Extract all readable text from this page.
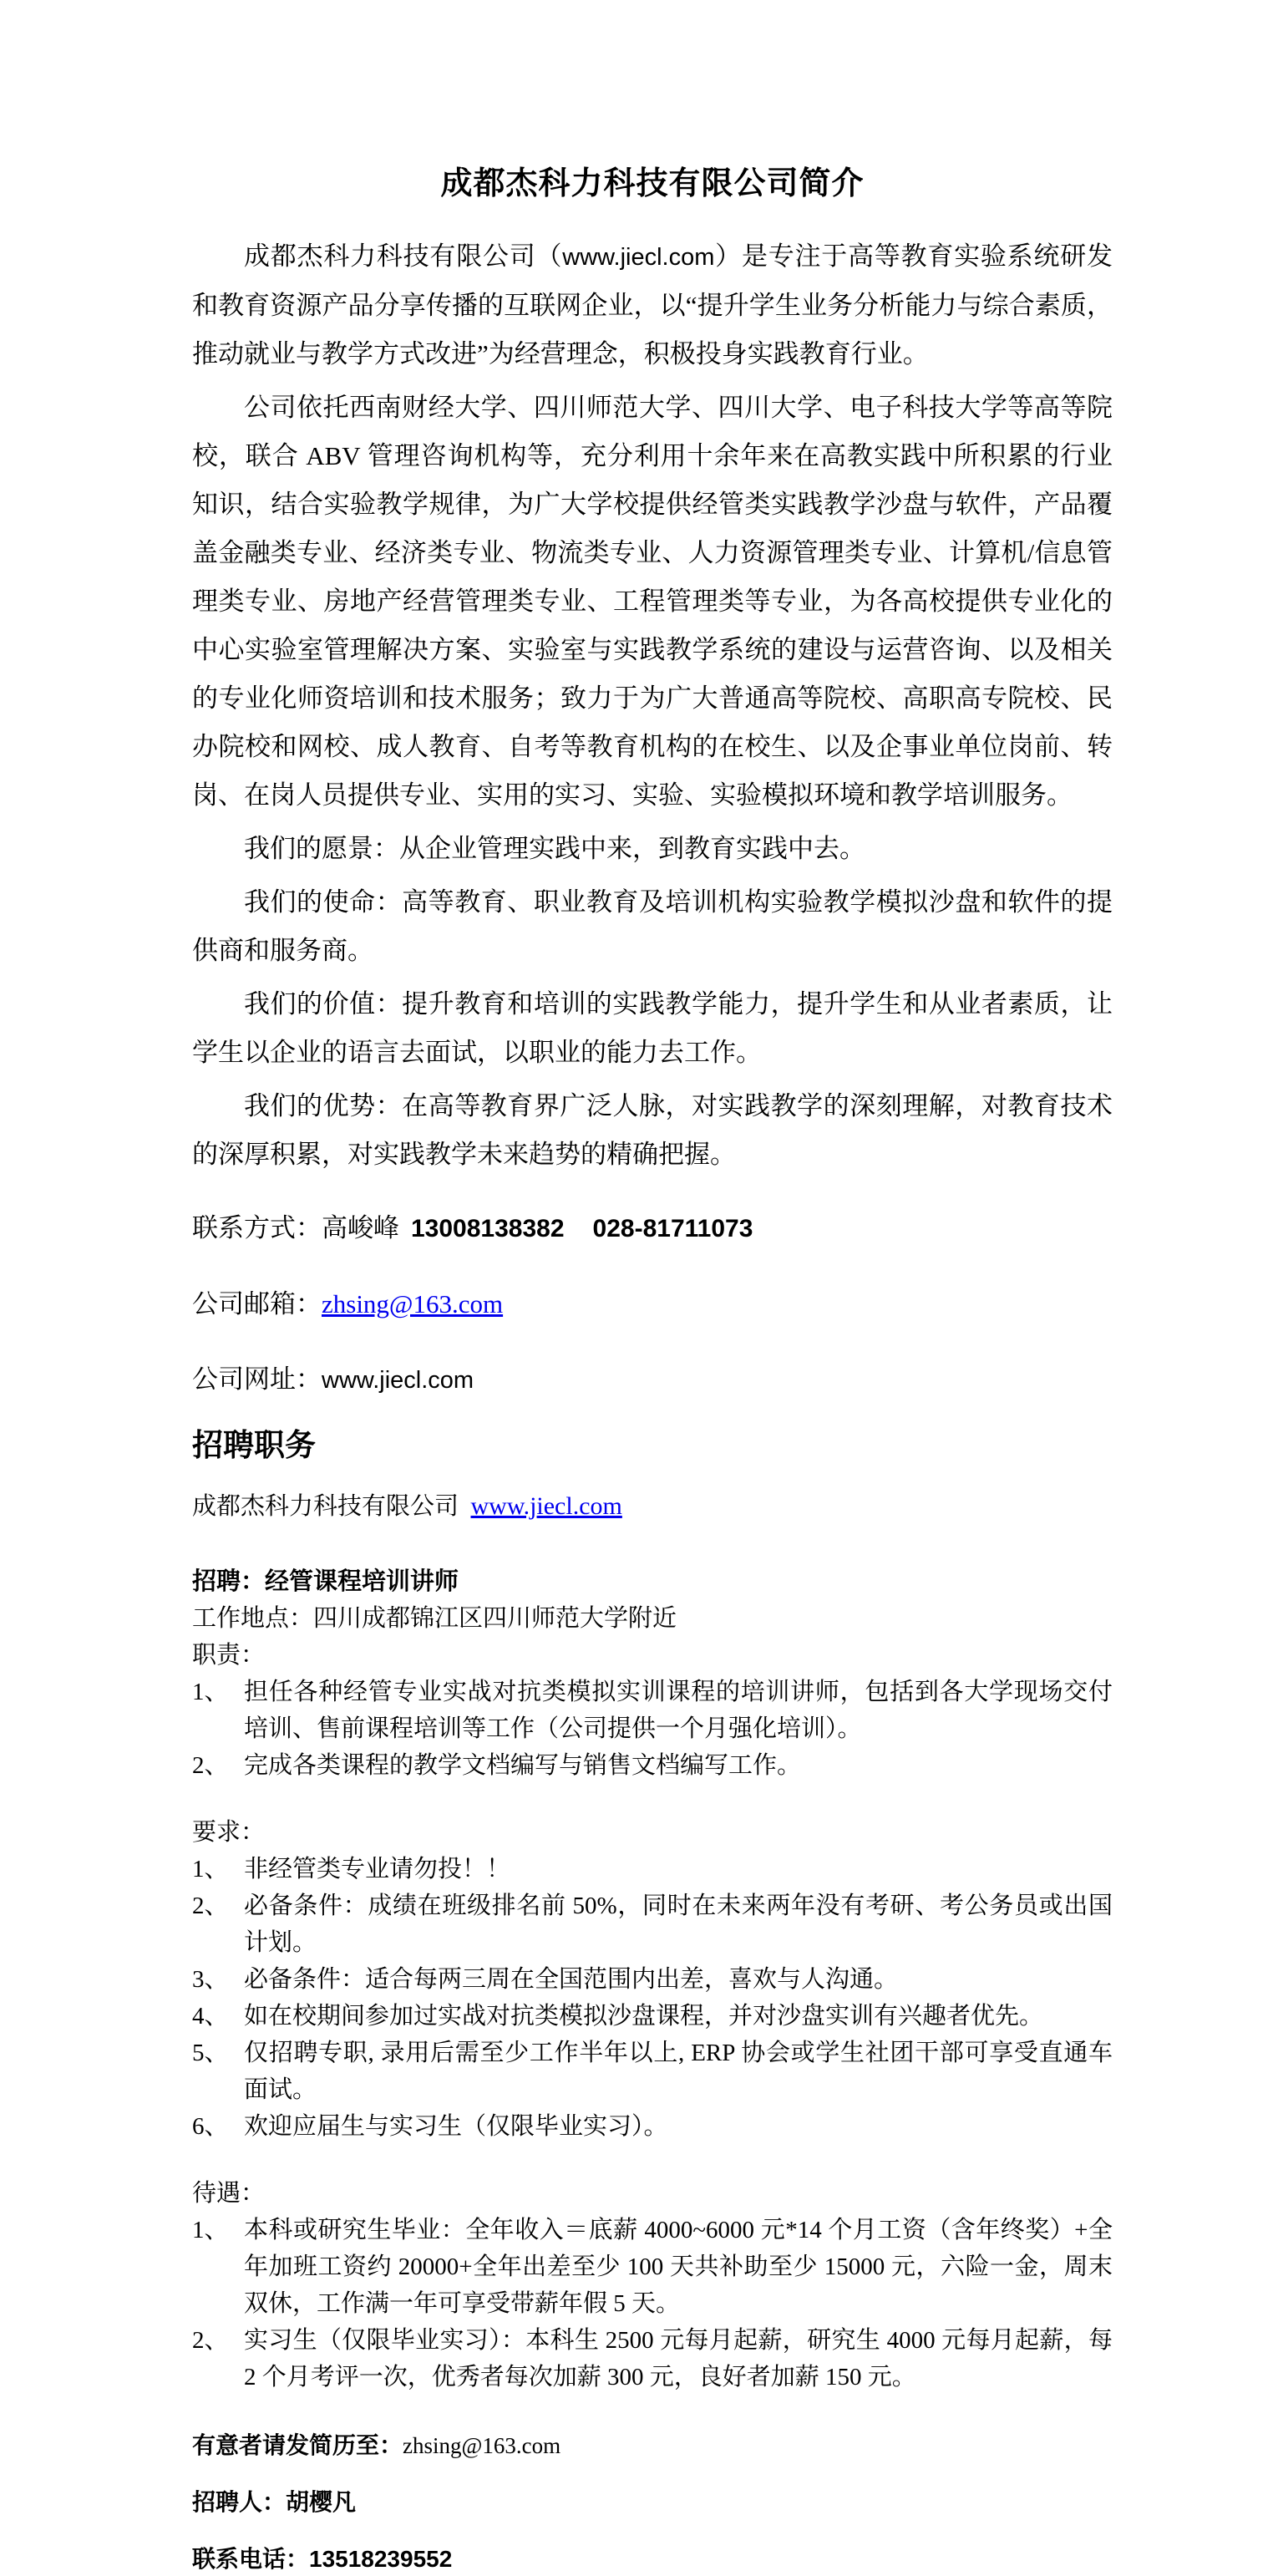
成都杰科力科技有限公司简介

成都杰科力科技有限公司（www.jiecl.com）是专注于高等教育实验系统研发和教育资源产品分享传播的互联网企业，以“提升学生业务分析能力与综合素质，推动就业与教学方式改进”为经营理念，积极投身实践教育行业。

公司依托西南财经大学、四川师范大学、四川大学、电子科技大学等高等院校，联合 ABV 管理咨询机构等，充分利用十余年来在高教实践中所积累的行业知识，结合实验教学规律，为广大学校提供经管类实践教学沙盘与软件，产品覆盖金融类专业、经济类专业、物流类专业、人力资源管理类专业、计算机/信息管理类专业、房地产经营管理类专业、工程管理类等专业，为各高校提供专业化的中心实验室管理解决方案、实验室与实践教学系统的建设与运营咨询、以及相关的专业化师资培训和技术服务；致力于为广大普通高等院校、高职高专院校、民办院校和网校、成人教育、自考等教育机构的在校生、以及企事业单位岗前、转岗、在岗人员提供专业、实用的实习、实验、实验模拟环境和教学培训服务。

我们的愿景：从企业管理实践中来，到教育实践中去。

我们的使命：高等教育、职业教育及培训机构实验教学模拟沙盘和软件的提供商和服务商。

我们的价值：提升教育和培训的实践教学能力，提升学生和从业者素质，让学生以企业的语言去面试，以职业的能力去工作。

我们的优势：在高等教育界广泛人脉，对实践教学的深刻理解，对教育技术的深厚积累，对实践教学未来趋势的精确把握。

联系方式：高峻峰 13008138382 028-81711073

公司邮箱：zhsing@163.com

公司网址：www.jiecl.com

招聘职务

成都杰科力科技有限公司 www.jiecl.com

招聘：经管课程培训讲师

工作地点：四川成都锦江区四川师范大学附近

职责：

1、 担任各种经管专业实战对抗类模拟实训课程的培训讲师，包括到各大学现场交付培训、售前课程培训等工作（公司提供一个月强化培训）。
2、 完成各类课程的教学文档编写与销售文档编写工作。

要求：

1、 非经管类专业请勿投！！
2、 必备条件：成绩在班级排名前 50%，同时在未来两年没有考研、考公务员或出国计划。
3、 必备条件：适合每两三周在全国范围内出差，喜欢与人沟通。
4、 如在校期间参加过实战对抗类模拟沙盘课程，并对沙盘实训有兴趣者优先。
5、 仅招聘专职, 录用后需至少工作半年以上, ERP 协会或学生社团干部可享受直通车面试。
6、 欢迎应届生与实习生（仅限毕业实习）。

待遇：

1、 本科或研究生毕业：全年收入＝底薪 4000~6000 元*14 个月工资（含年终奖）+全年加班工资约 20000+全年出差至少 100 天共补助至少 15000 元，六险一金，周末双休，工作满一年可享受带薪年假 5 天。
2、 实习生（仅限毕业实习）：本科生 2500 元每月起薪，研究生 4000 元每月起薪，每 2 个月考评一次，优秀者每次加薪 300 元，良好者加薪 150 元。

有意者请发简历至：zhsing@163.com

招聘人：胡樱凡

联系电话：13518239552
